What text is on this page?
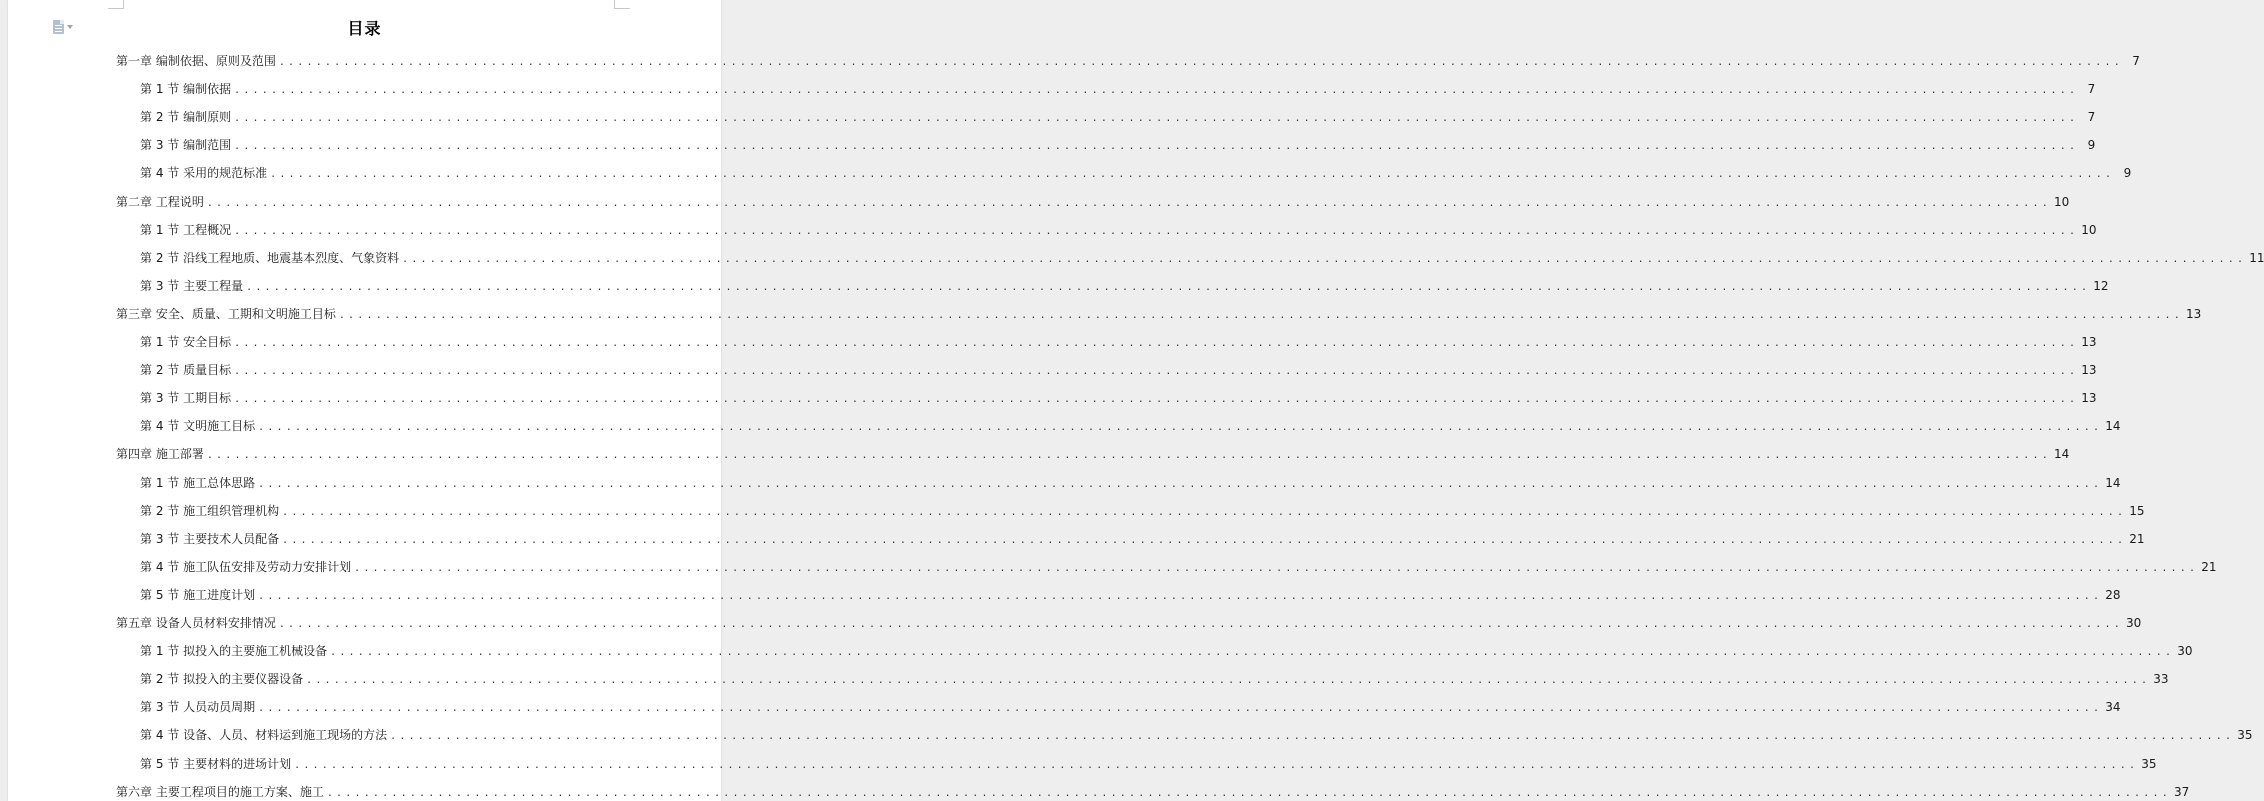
目录
第一章 编制依据、原则及范围 ........................................................................................................................................................................................................ 7
第 1 节 编制依据 ........................................................................................................................................................................................................ 7
第 2 节 编制原则 ........................................................................................................................................................................................................ 7
第 3 节 编制范围 ........................................................................................................................................................................................................ 9
第 4 节 采用的规范标准 ........................................................................................................................................................................................................ 9
第二章 工程说明 ........................................................................................................................................................................................................ 10
第 1 节 工程概况 ........................................................................................................................................................................................................ 10
第 2 节 沿线工程地质、地震基本烈度、气象资料 ........................................................................................................................................................................................................ 11
第 3 节 主要工程量 ........................................................................................................................................................................................................ 12
第三章 安全、质量、工期和文明施工目标 ........................................................................................................................................................................................................ 13
第 1 节 安全目标 ........................................................................................................................................................................................................ 13
第 2 节 质量目标 ........................................................................................................................................................................................................ 13
第 3 节 工期目标 ........................................................................................................................................................................................................ 13
第 4 节 文明施工目标 ........................................................................................................................................................................................................ 14
第四章 施工部署 ........................................................................................................................................................................................................ 14
第 1 节 施工总体思路 ........................................................................................................................................................................................................ 14
第 2 节 施工组织管理机构 ........................................................................................................................................................................................................ 15
第 3 节 主要技术人员配备 ........................................................................................................................................................................................................ 21
第 4 节 施工队伍安排及劳动力安排计划 ........................................................................................................................................................................................................ 21
第 5 节 施工进度计划 ........................................................................................................................................................................................................ 28
第五章 设备人员材料安排情况 ........................................................................................................................................................................................................ 30
第 1 节 拟投入的主要施工机械设备 ........................................................................................................................................................................................................ 30
第 2 节 拟投入的主要仪器设备 ........................................................................................................................................................................................................ 33
第 3 节 人员动员周期 ........................................................................................................................................................................................................ 34
第 4 节 设备、人员、材料运到施工现场的方法 ........................................................................................................................................................................................................ 35
第 5 节 主要材料的进场计划 ........................................................................................................................................................................................................ 35
第六章 主要工程项目的施工方案、施工 ........................................................................................................................................................................................................ 37
